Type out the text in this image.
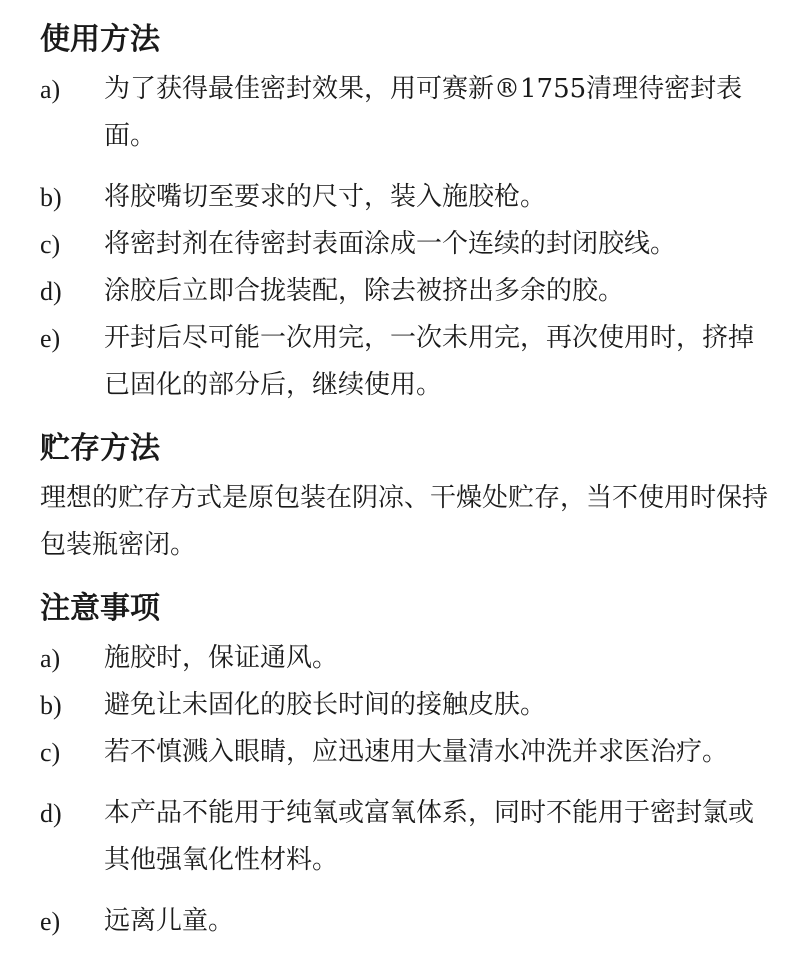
使用方法
a)	为了获得最佳密封效果，用可赛新®1755清理待密封表面。

b)	将胶嘴切至要求的尺寸，装入施胶枪。

c)	将密封剂在待密封表面涂成一个连续的封闭胶线。

d)	涂胶后立即合拢装配，除去被挤出多余的胶。

e)	开封后尽可能一次用完，一次未用完，再次使用时，挤掉已固化的部分后，继续使用。

贮存方法

理想的贮存方式是原包装在阴凉、干燥处贮存，当不使用时保持包装瓶密闭。

注意事项
a)	施胶时，保证通风。

b)	避免让未固化的胶长时间的接触皮肤。

c)	若不慎溅入眼睛，应迅速用大量清水冲洗并求医治疗。

d)	本产品不能用于纯氧或富氧体系，同时不能用于密封氯或其他强氧化性材料。

e)	远离儿童。
